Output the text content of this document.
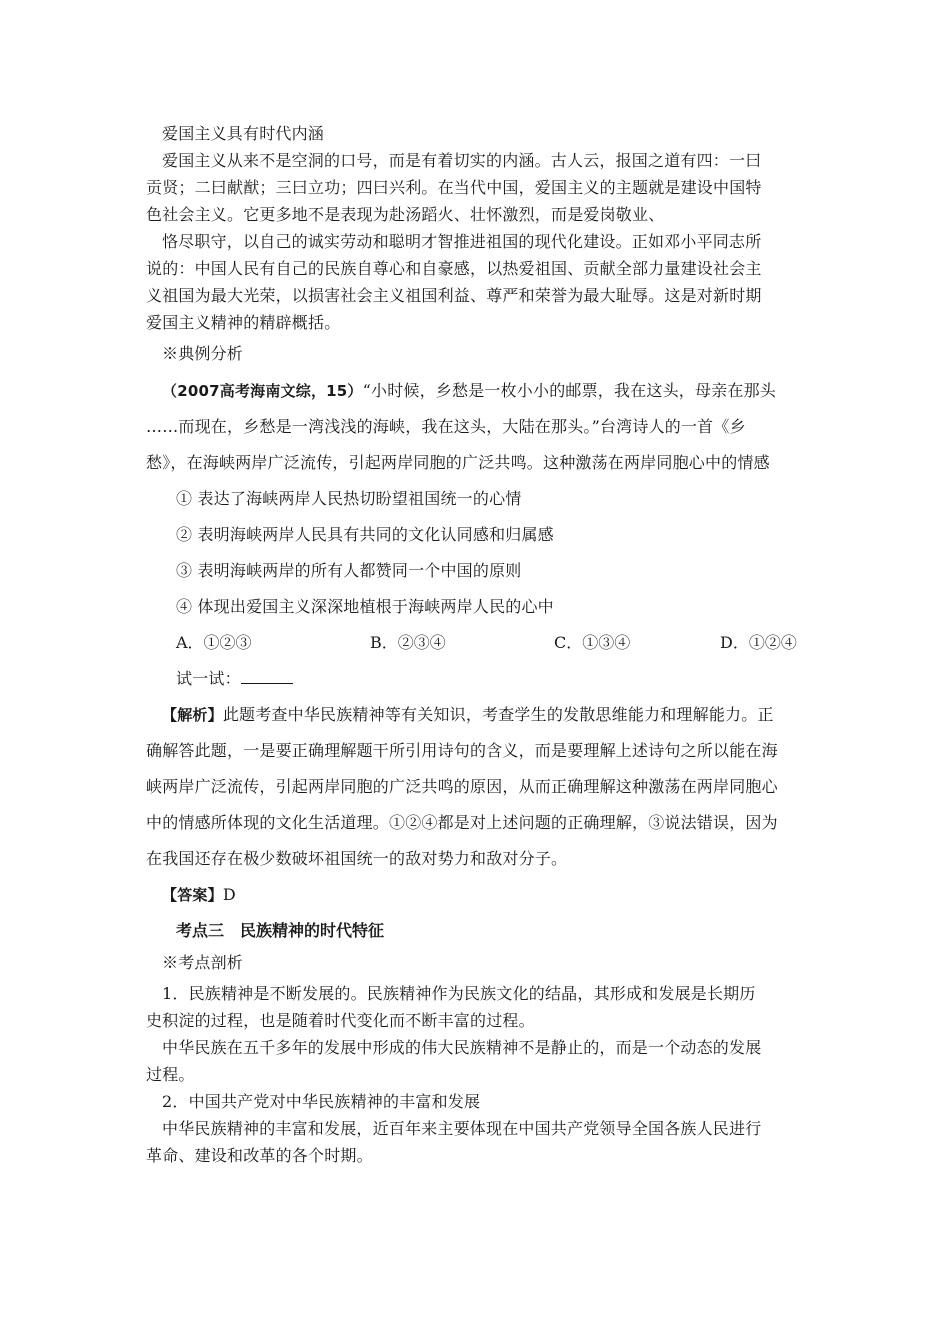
爱国主义具有时代内涵
爱国主义从来不是空洞的口号，而是有着切实的内涵。古人云，报国之道有四：一曰
贡贤；二曰献猷；三曰立功；四曰兴利。在当代中国，爱国主义的主题就是建设中国特
色社会主义。它更多地不是表现为赴汤蹈火、壮怀激烈，而是爱岗敬业、
恪尽职守，以自己的诚实劳动和聪明才智推进祖国的现代化建设。正如邓小平同志所
说的：中国人民有自己的民族自尊心和自豪感，以热爱祖国、贡献全部力量建设社会主
义祖国为最大光荣，以损害社会主义祖国利益、尊严和荣誉为最大耻辱。这是对新时期
爱国主义精神的精辟概括。
※典例分析
（2007高考海南文综，15）“小时候，乡愁是一枚小小的邮票，我在这头，母亲在那头
……而现在，乡愁是一湾浅浅的海峡，我在这头，大陆在那头。”台湾诗人的一首《乡
愁》，在海峡两岸广泛流传，引起两岸同胞的广泛共鸣。这种激荡在两岸同胞心中的情感
① 表达了海峡两岸人民热切盼望祖国统一的心情
② 表明海峡两岸人民具有共同的文化认同感和归属感
③ 表明海峡两岸的所有人都赞同一个中国的原则
④ 体现出爱国主义深深地植根于海峡两岸人民的心中
A．①②③	B．②③④	C．①③④	D．①②④
试一试：
【解析】此题考查中华民族精神等有关知识，考查学生的发散思维能力和理解能力。正
确解答此题，一是要正确理解题干所引用诗句的含义，而是要理解上述诗句之所以能在海
峡两岸广泛流传，引起两岸同胞的广泛共鸣的原因，从而正确理解这种激荡在两岸同胞心
中的情感所体现的文化生活道理。①②④都是对上述问题的正确理解，③说法错误，因为
在我国还存在极少数破坏祖国统一的敌对势力和敌对分子。
【答案】D
考点三　民族精神的时代特征
※考点剖析
1．民族精神是不断发展的。民族精神作为民族文化的结晶，其形成和发展是长期历
史积淀的过程，也是随着时代变化而不断丰富的过程。
中华民族在五千多年的发展中形成的伟大民族精神不是静止的，而是一个动态的发展
过程。
2．中国共产党对中华民族精神的丰富和发展
中华民族精神的丰富和发展，近百年来主要体现在中国共产党领导全国各族人民进行
革命、建设和改革的各个时期。
